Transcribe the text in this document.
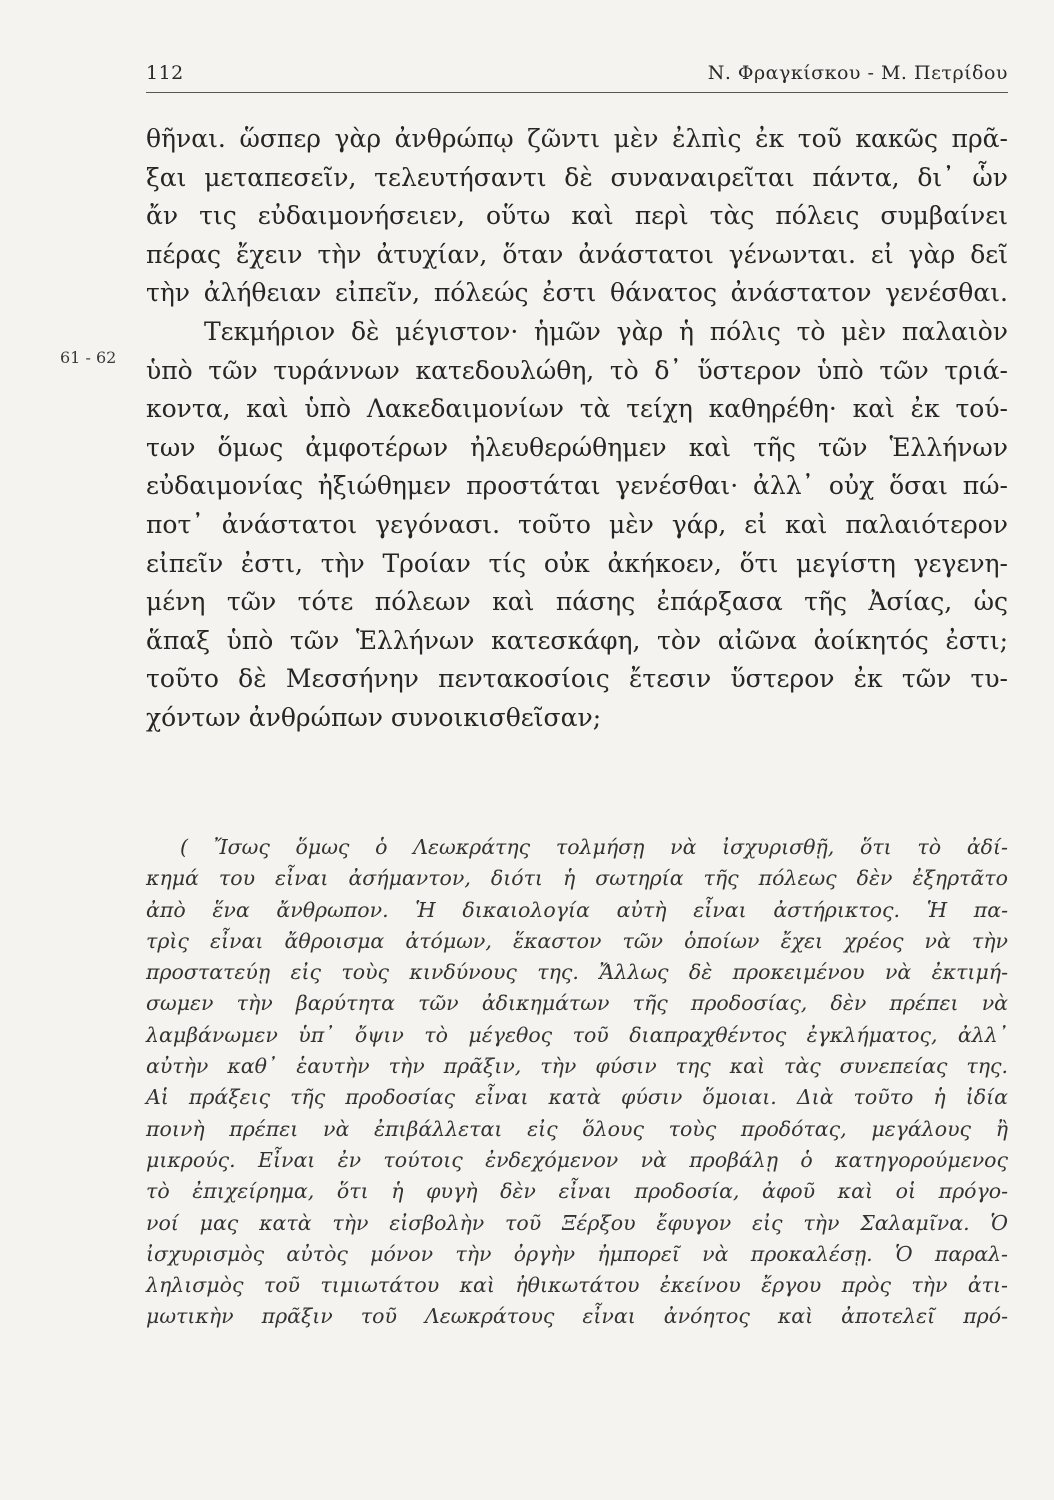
112	Ν. Φραγκίσκου - Μ. Πετρίδου
61 - 62
θῆναι. ὥσπερ γὰρ ἀνθρώπῳ ζῶντι μὲν ἐλπὶς ἐκ τοῦ κακῶς πρᾶ-
ξαι μεταπεσεῖν, τελευτήσαντι δὲ συναναιρεῖται πάντα, δι᾽ ὧν
ἄν τις εὐδαιμονήσειεν, οὕτω καὶ περὶ τὰς πόλεις συμβαίνει
πέρας ἔχειν τὴν ἀτυχίαν, ὅταν ἀνάστατοι γένωνται. εἰ γὰρ δεῖ
τὴν ἀλήθειαν εἰπεῖν, πόλεώς ἐστι θάνατος ἀνάστατον γενέσθαι.
Τεκμήριον δὲ μέγιστον· ἡμῶν γὰρ ἡ πόλις τὸ μὲν παλαιὸν
ὑπὸ τῶν τυράννων κατεδουλώθη, τὸ δ᾽ ὕστερον ὑπὸ τῶν τριά-
κοντα, καὶ ὑπὸ Λακεδαιμονίων τὰ τείχη καθηρέθη· καὶ ἐκ τού-
των ὅμως ἀμφοτέρων ἠλευθερώθημεν καὶ τῆς τῶν Ἑλλήνων
εὐδαιμονίας ἠξιώθημεν προστάται γενέσθαι· ἀλλ᾽ οὐχ ὅσαι πώ-
ποτ᾽ ἀνάστατοι γεγόνασι. τοῦτο μὲν γάρ, εἰ καὶ παλαιότερον
εἰπεῖν ἐστι, τὴν Τροίαν τίς οὐκ ἀκήκοεν, ὅτι μεγίστη γεγενη-
μένη τῶν τότε πόλεων καὶ πάσης ἐπάρξασα τῆς Ἀσίας, ὡς
ἅπαξ ὑπὸ τῶν Ἑλλήνων κατεσκάφη, τὸν αἰῶνα ἀοίκητός ἐστι;
τοῦτο δὲ Μεσσήνην πεντακοσίοις ἔτεσιν ὕστερον ἐκ τῶν τυ-
χόντων ἀνθρώπων συνοικισθεῖσαν;
( Ἴσως ὅμως ὁ Λεωκράτης τολμήσῃ νὰ ἰσχυρισθῇ, ὅτι τὸ ἀδί-
κημά του εἶναι ἀσήμαντον, διότι ἡ σωτηρία τῆς πόλεως δὲν ἐξηρτᾶτο
ἀπὸ ἕνα ἄνθρωπον. Ἡ δικαιολογία αὐτὴ εἶναι ἀστήρικτος. Ἡ πα-
τρὶς εἶναι ἄθροισμα ἀτόμων, ἕκαστον τῶν ὁποίων ἔχει χρέος νὰ τὴν
προστατεύῃ εἰς τοὺς κινδύνους της. Ἄλλως δὲ προκειμένου νὰ ἐκτιμή-
σωμεν τὴν βαρύτητα τῶν ἀδικημάτων τῆς προδοσίας, δὲν πρέπει νὰ
λαμβάνωμεν ὑπ᾽ ὄψιν τὸ μέγεθος τοῦ διαπραχθέντος ἐγκλήματος, ἀλλ᾽
αὐτὴν καθ᾽ ἑαυτὴν τὴν πρᾶξιν, τὴν φύσιν της καὶ τὰς συνεπείας της.
Αἱ πράξεις τῆς προδοσίας εἶναι κατὰ φύσιν ὅμοιαι. Διὰ τοῦτο ἡ ἰδία
ποινὴ πρέπει νὰ ἐπιβάλλεται εἰς ὅλους τοὺς προδότας, μεγάλους ἢ
μικρούς. Εἶναι ἐν τούτοις ἐνδεχόμενον νὰ προβάλῃ ὁ κατηγορούμενος
τὸ ἐπιχείρημα, ὅτι ἡ φυγὴ δὲν εἶναι προδοσία, ἀφοῦ καὶ οἱ πρόγο-
νοί μας κατὰ τὴν εἰσβολὴν τοῦ Ξέρξου ἔφυγον εἰς τὴν Σαλαμῖνα. Ὁ
ἰσχυρισμὸς αὐτὸς μόνον τὴν ὀργὴν ἠμπορεῖ νὰ προκαλέσῃ. Ὁ παραλ-
ληλισμὸς τοῦ τιμιωτάτου καὶ ἠθικωτάτου ἐκείνου ἔργου πρὸς τὴν ἀτι-
μωτικὴν πρᾶξιν τοῦ Λεωκράτους εἶναι ἀνόητος καὶ ἀποτελεῖ πρό-
